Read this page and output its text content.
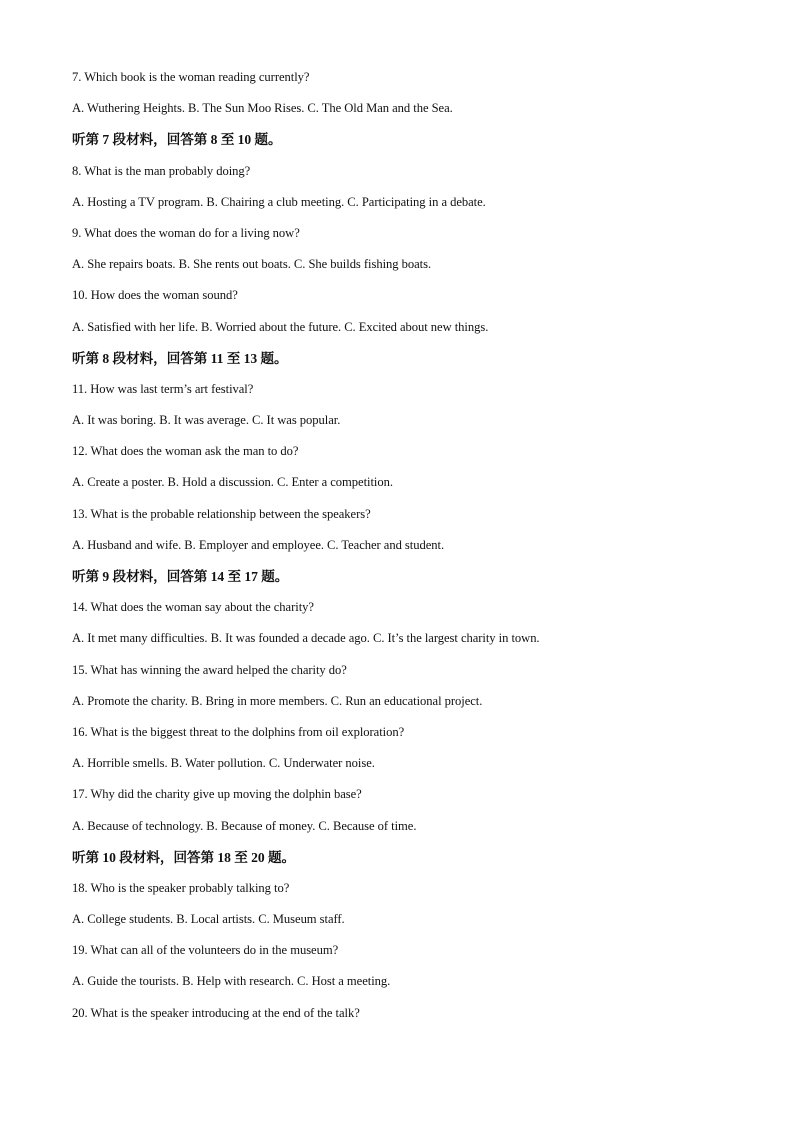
7. Which book is the woman reading currently?
A. Wuthering Heights. B. The Sun Moo Rises. C. The Old Man and the Sea.
听第 7 段材料，回答第 8 至 10 题。
8. What is the man probably doing?
A. Hosting a TV program. B. Chairing a club meeting. C. Participating in a debate.
9. What does the woman do for a living now?
A. She repairs boats. B. She rents out boats. C. She builds fishing boats.
10. How does the woman sound?
A. Satisfied with her life. B. Worried about the future. C. Excited about new things.
听第 8 段材料，回答第 11 至 13 题。
11. How was last term’s art festival?
A. It was boring. B. It was average. C. It was popular.
12. What does the woman ask the man to do?
A. Create a poster. B. Hold a discussion. C. Enter a competition.
13. What is the probable relationship between the speakers?
A. Husband and wife. B. Employer and employee. C. Teacher and student.
听第 9 段材料，回答第 14 至 17 题。
14. What does the woman say about the charity?
A. It met many difficulties. B. It was founded a decade ago. C. It’s the largest charity in town.
15. What has winning the award helped the charity do?
A. Promote the charity. B. Bring in more members. C. Run an educational project.
16. What is the biggest threat to the dolphins from oil exploration?
A. Horrible smells. B. Water pollution. C. Underwater noise.
17. Why did the charity give up moving the dolphin base?
A. Because of technology. B. Because of money. C. Because of time.
听第 10 段材料，回答第 18 至 20 题。
18. Who is the speaker probably talking to?
A. College students. B. Local artists. C. Museum staff.
19. What can all of the volunteers do in the museum?
A. Guide the tourists. B. Help with research. C. Host a meeting.
20. What is the speaker introducing at the end of the talk?
